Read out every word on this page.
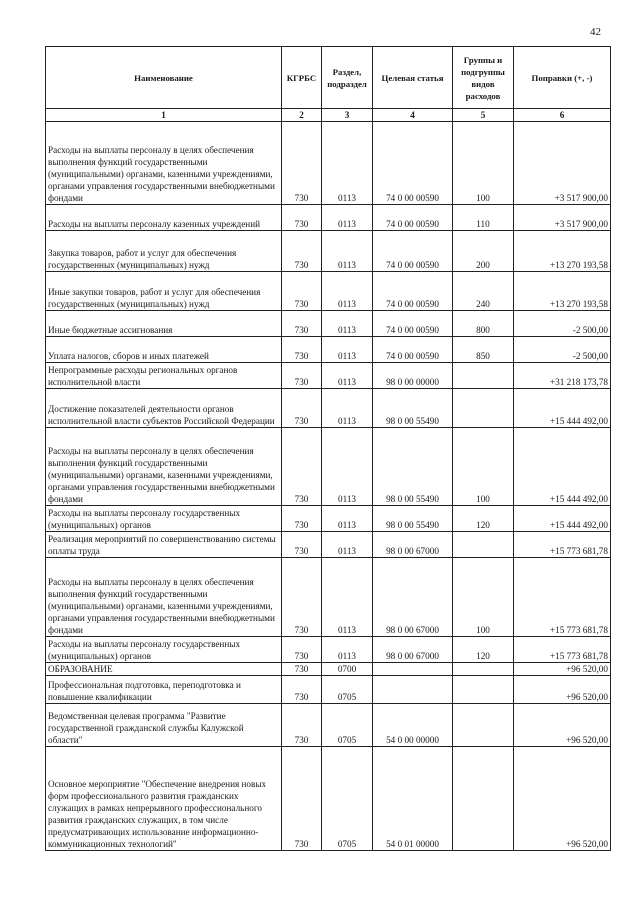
42
Наименование	КГРБС	Раздел, подраздел	Целевая статья	Группы и подгруппы видов расходов	Поправки (+, -)
1	2	3	4	5	6
Расходы на выплаты персоналу в целях обеспечения выполнения функций государственными (муниципальными) органами, казенными учреждениями, органами управления государственными внебюджетными фондами	730	0113	74 0 00 00590	100	+3 517 900,00
Расходы на выплаты персоналу казенных учреждений	730	0113	74 0 00 00590	110	+3 517 900,00
Закупка товаров, работ и услуг для обеспечения государственных (муниципальных) нужд	730	0113	74 0 00 00590	200	+13 270 193,58
Иные закупки товаров, работ и услуг для обеспечения государственных (муниципальных) нужд	730	0113	74 0 00 00590	240	+13 270 193,58
Иные бюджетные ассигнования	730	0113	74 0 00 00590	800	-2 500,00
Уплата налогов, сборов и иных платежей	730	0113	74 0 00 00590	850	-2 500,00
Непрограммные расходы региональных органов исполнительной власти	730	0113	98 0 00 00000		+31 218 173,78
Достижение показателей деятельности органов исполнительной власти субъектов Российской Федерации	730	0113	98 0 00 55490		+15 444 492,00
Расходы на выплаты персоналу в целях обеспечения выполнения функций государственными (муниципальными) органами, казенными учреждениями, органами управления государственными внебюджетными фондами	730	0113	98 0 00 55490	100	+15 444 492,00
Расходы на выплаты персоналу государственных (муниципальных) органов	730	0113	98 0 00 55490	120	+15 444 492,00
Реализация мероприятий по совершенствованию системы оплаты труда	730	0113	98 0 00 67000		+15 773 681,78
Расходы на выплаты персоналу в целях обеспечения выполнения функций государственными (муниципальными) органами, казенными учреждениями, органами управления государственными внебюджетными фондами	730	0113	98 0 00 67000	100	+15 773 681,78
Расходы на выплаты персоналу государственных (муниципальных) органов	730	0113	98 0 00 67000	120	+15 773 681,78
ОБРАЗОВАНИЕ	730	0700			+96 520,00
Профессиональная подготовка, переподготовка и повышение квалификации	730	0705			+96 520,00
Ведомственная целевая программа "Развитие государственной гражданской службы Калужской области"	730	0705	54 0 00 00000		+96 520,00
Основное мероприятие "Обеспечение внедрения новых форм профессионального развития гражданских служащих в рамках непрерывного профессионального развития гражданских служащих, в том числе предусматривающих использование информационно-коммуникационных технологий"	730	0705	54 0 01 00000		+96 520,00
